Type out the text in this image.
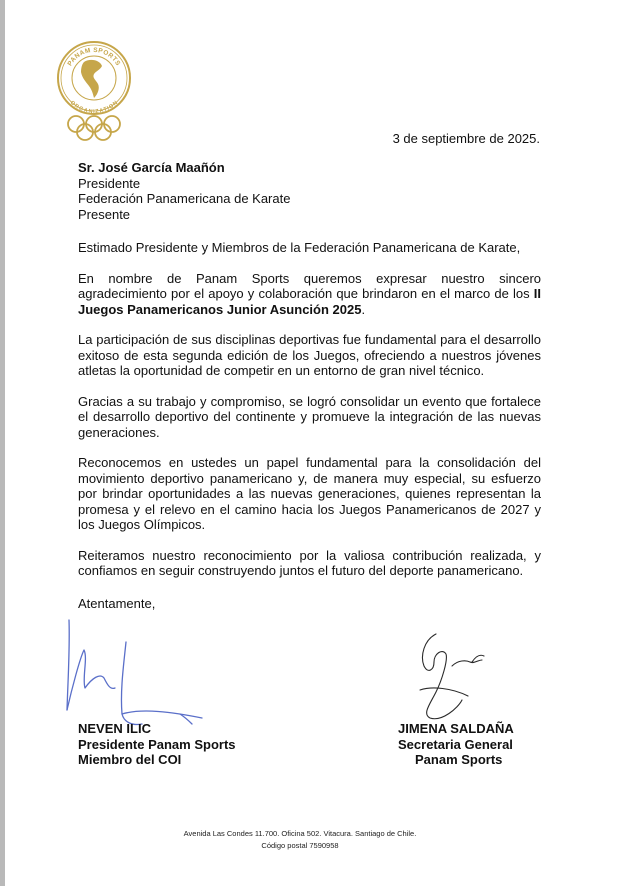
PANAM SPORTS
ORGANIZATION
3 de septiembre de 2025.
Sr. José García Maañón
Presidente
Federación Panamericana de Karate
Presente

Estimado Presidente y Miembros de la Federación Panamericana de Karate,

En nombre de Panam Sports queremos expresar nuestro sincero agradecimiento por el apoyo y colaboración que brindaron en el marco de los II Juegos Panamericanos Junior Asunción 2025.

La participación de sus disciplinas deportivas fue fundamental para el desarrollo exitoso de esta segunda edición de los Juegos, ofreciendo a nuestros jóvenes atletas la oportunidad de competir en un entorno de gran nivel técnico.

Gracias a su trabajo y compromiso, se logró consolidar un evento que fortalece el desarrollo deportivo del continente y promueve la integración de las nuevas generaciones.

Reconocemos en ustedes un papel fundamental para la consolidación del movimiento deportivo panamericano y, de manera muy especial, su esfuerzo por brindar oportunidades a las nuevas generaciones, quienes representan la promesa y el relevo en el camino hacia los Juegos Panamericanos de 2027 y los Juegos Olímpicos.

Reiteramos nuestro reconocimiento por la valiosa contribución realizada, y confiamos en seguir construyendo juntos el futuro del deporte panamericano.

Atentamente,
NEVEN ILIC
Presidente Panam Sports
Miembro del COI
JIMENA SALDAÑA
Secretaria General
Panam Sports
Avenida Las Condes 11.700. Oficina 502. Vitacura. Santiago de Chile.
Código postal 7590958
